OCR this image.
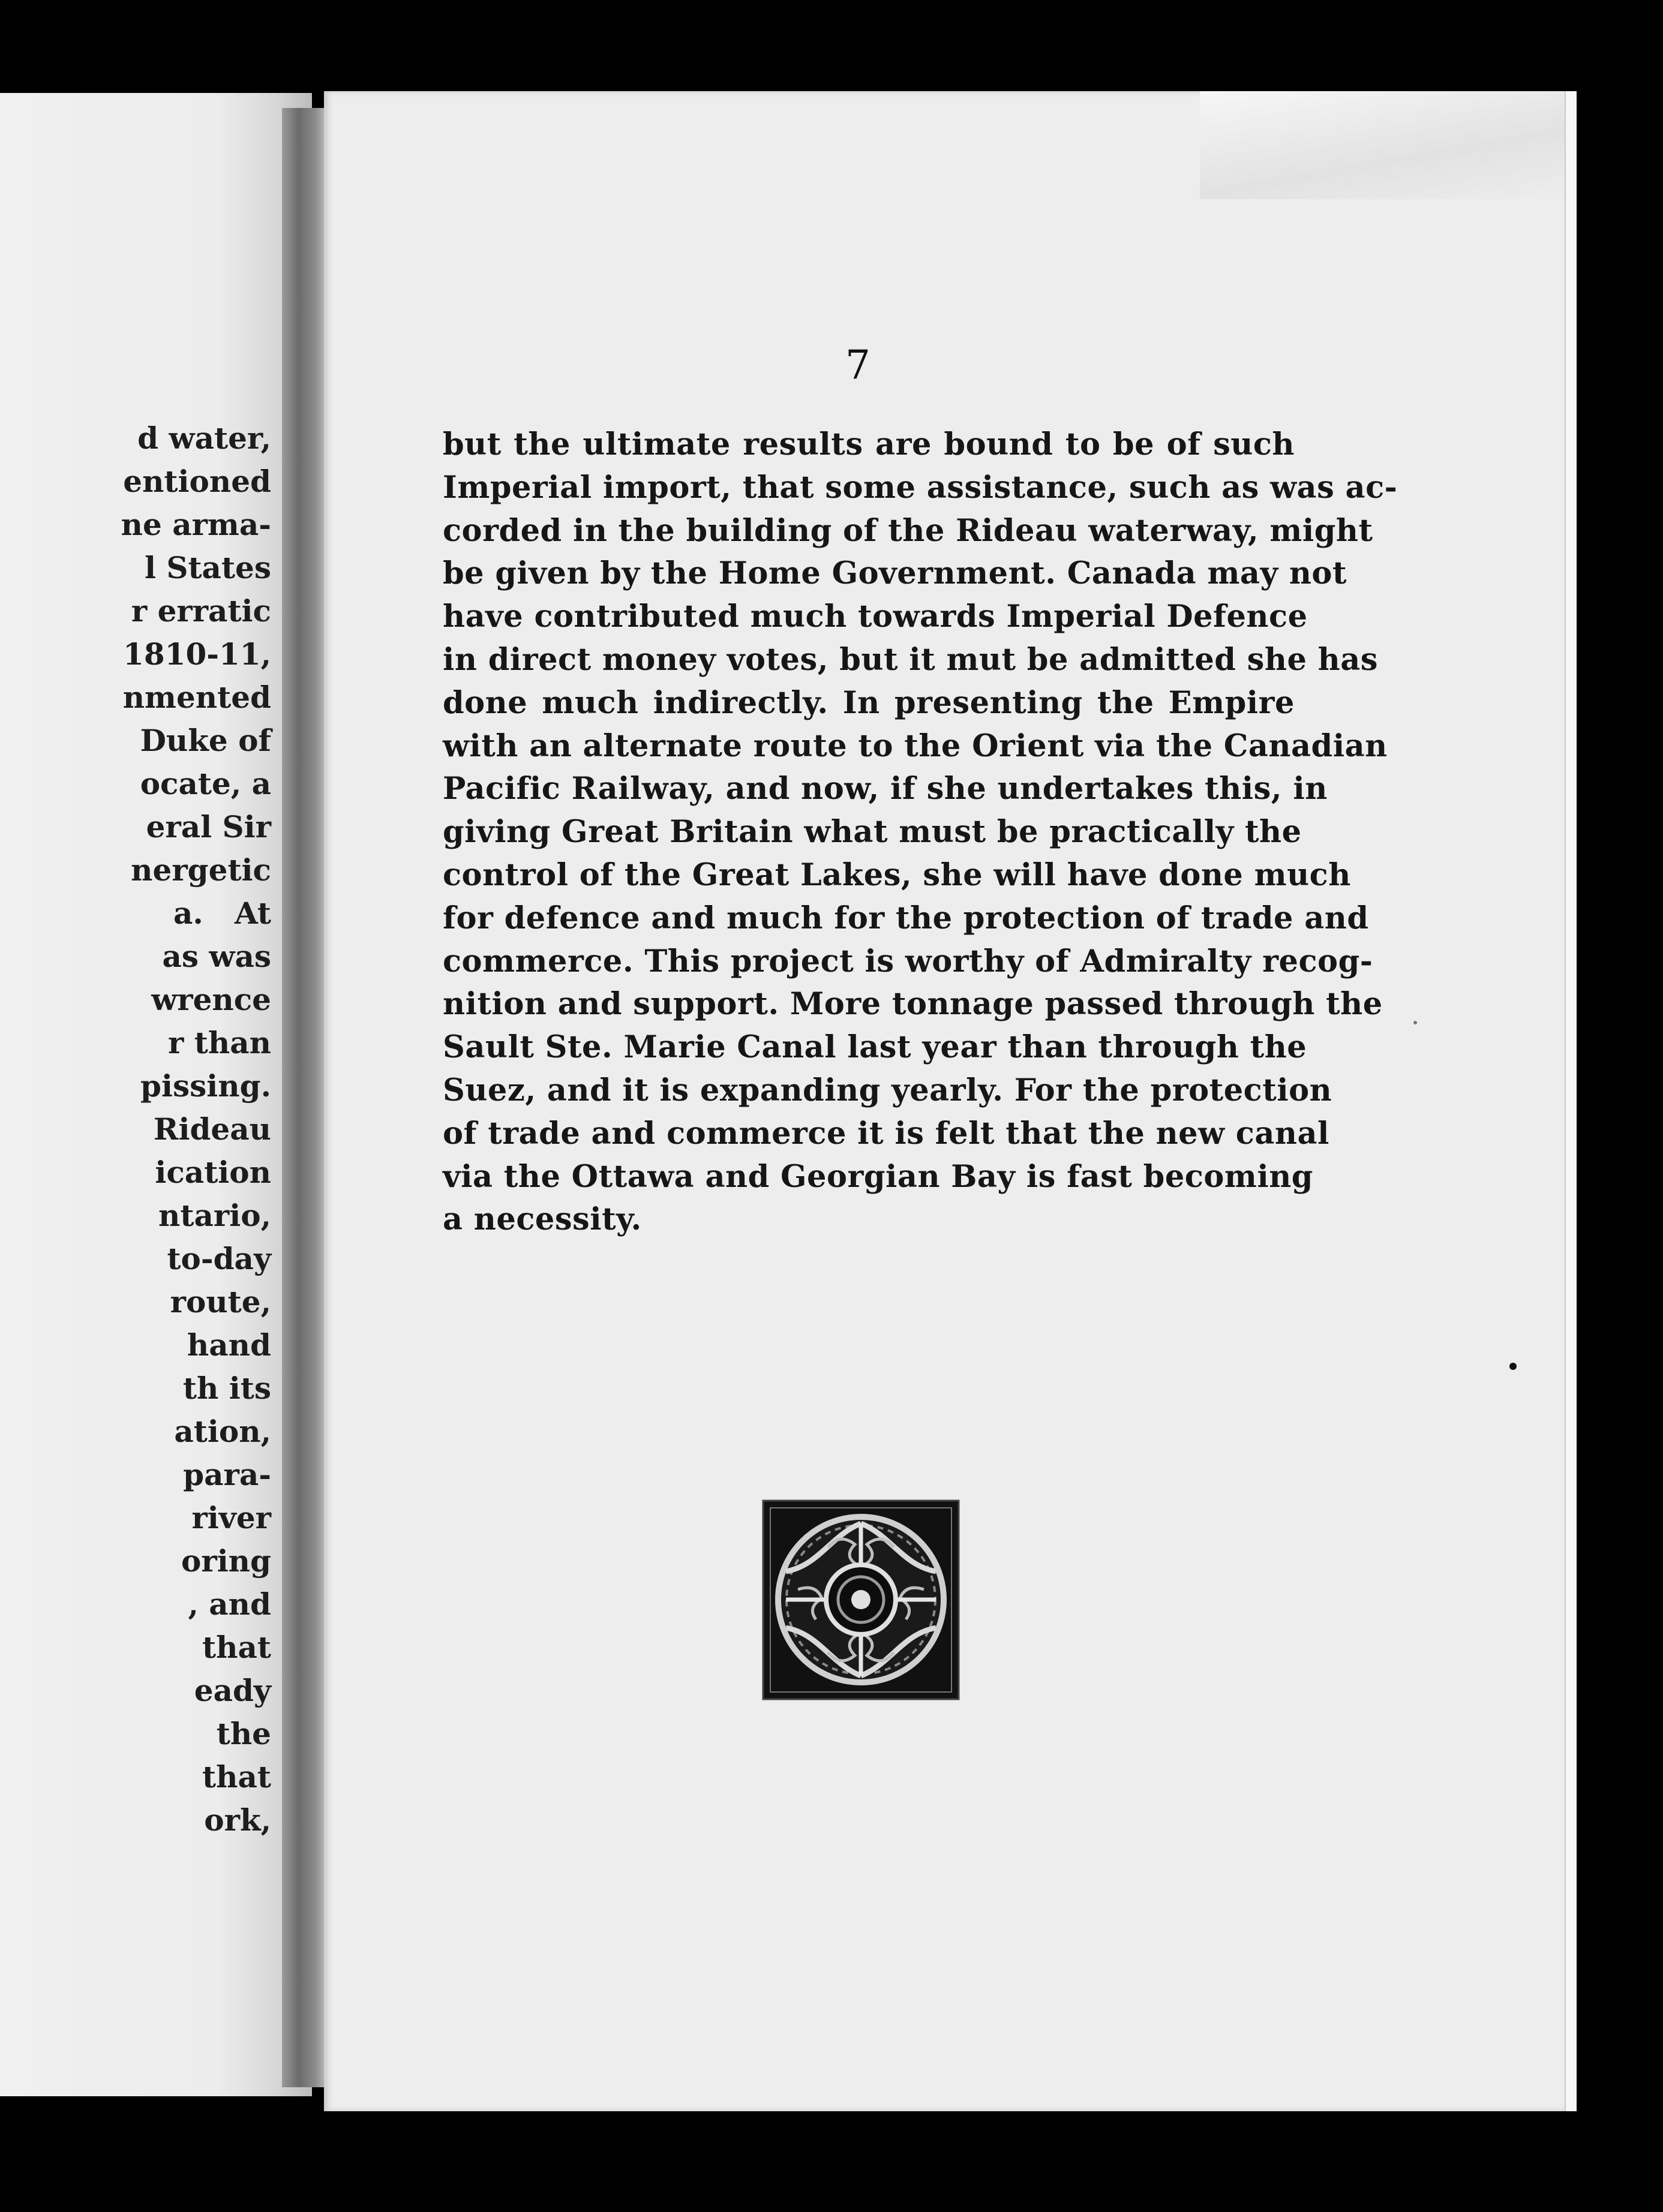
d water,
entioned
ne arma-
l States
r erratic
1810-11,
nmented
Duke of
ocate, a
eral Sir
nergetic
a.   At
as was
wrence
r than
pissing.
Rideau
ication
ntario,
to-day
route,
hand
th its
ation,
para-
river
oring
, and
that
eady
the
that
ork,
7
but the ultimate results are bound to be of such
Imperial import, that some assistance, such as was ac-
corded in the building of the Rideau waterway, might
be given by the Home Government. Canada may not
have contributed much towards Imperial Defence
in direct money votes, but it mut be admitted she has
done much indirectly. In presenting the Empire
with an alternate route to the Orient via the Canadian
Pacific Railway, and now, if she undertakes this, in
giving Great Britain what must be practically the
control of the Great Lakes, she will have done much
for defence and much for the protection of trade and
commerce. This project is worthy of Admiralty recog-
nition and support. More tonnage passed through the
Sault Ste. Marie Canal last year than through the
Suez, and it is expanding yearly. For the protection
of trade and commerce it is felt that the new canal
via the Ottawa and Georgian Bay is fast becoming
a necessity.
